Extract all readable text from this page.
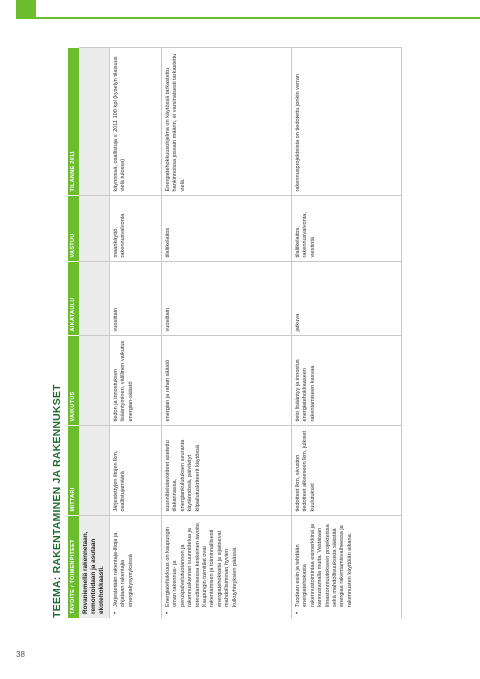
TEEMA: RAKENTAMINEN JA RAKENNUKSET
TAVOITE / TOIMENPITEET	MITTARI	VAIKUTUS	AIKATAULU	VASTUU	TILANNE 2011
Rovaniemellä rakennetaan, remontoidaan ja asutaan ekotehokkaasti.					

•
Järjestetään rakentaja-iltoja ja ohjataan rakentajia energiakysymyksissä	Järjestettyjen iltojen lkm, osallistujamäärä	tiedon ja innostuksen lisääntyminen, välillinen vaikutus energian-säästö	vuosittain	maankäyttö, rakennusvalvonta	käynnissä, osallistuja v. 2011 100 kpl (kyselyn tilaisuus vielä tulossa)

•
Energiatehokkuus on kaupungin oman rakennus- ja peruspalvelutuotannon ja rakennuskannan suunnittelua ja toteuttamisessa keskeinen tavoite. Kaupungin toimitilat ovat rakentamisen ja toiminnallisesti energiatehokkaita ja sijaitsevat mahdollisimman hyvien kulkuyhteyksien päässä.	suunnittelutavoitteet asetettu tilakannassa, energiankulutuksen seuranta käytännössä, päivitetyt kilpailutuskriteerit käytössä	energian ja rahan säästö	vuosittain	tilaliikelaitos	Energiatehokkuusohjelma on käytössä tarkastettu hankinnoissa jossain määrin, ei varsinaisesti tarkastettu vielä.

•
Tuodaan esiin ja tehdään energiatehokasta rakennustoimintaa esimerkkinä ja kannustamalla muita. Vastataan ilmastonmuutokseen projekteissa sekä mahdollisuuksista säästää energiaa rakentamisvaiheessa ja rakennusten käyttöiän aikana.	tiedotteet lkm, sivuston tiedotteet alkeeseen lkm, julkiset kuulutukset	tieto lisääntyy ja innostus energiatehokkaaseen rakentamiseen kasvaa	jatkuva	tilaliikelaitos, rakennusvalvonta, viestintä	rakennusprojekteista on tiedotettu jonkin verran
38
